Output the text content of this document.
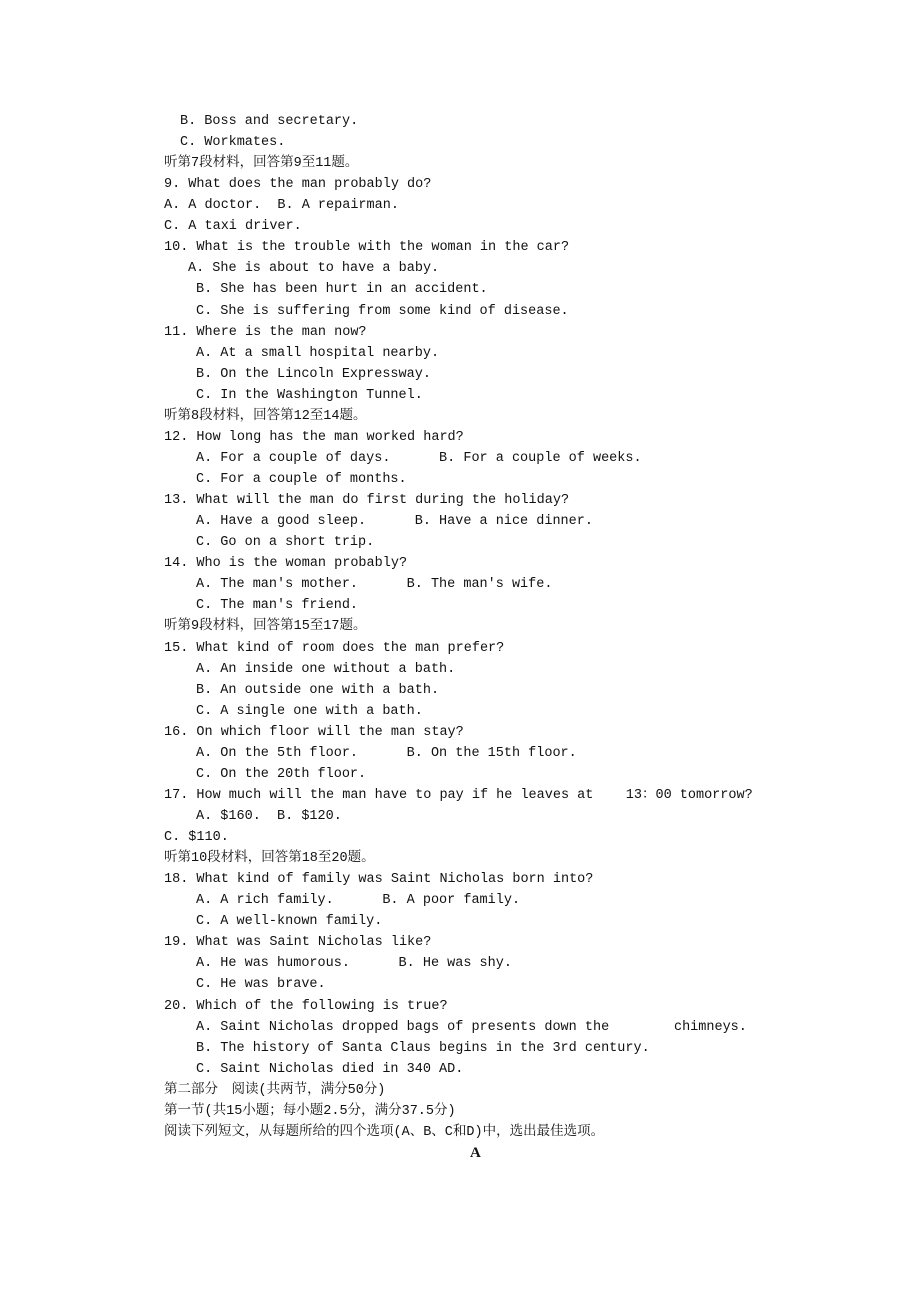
B. Boss and secretary.
C. Workmates.
听第7段材料，回答第9至11题。
9. What does the man probably do?
A. A doctor.  B. A repairman.
C. A taxi driver.
10. What is the trouble with the woman in the car?
A. She is about to have a baby.
B. She has been hurt in an accident.
C. She is suffering from some kind of disease.
11. Where is the man now?
A. At a small hospital nearby.
B. On the Lincoln Expressway.
C. In the Washington Tunnel.
听第8段材料，回答第12至14题。
12. How long has the man worked hard?
A. For a couple of days.      B. For a couple of weeks.
C. For a couple of months.
13. What will the man do first during the holiday?
A. Have a good sleep.      B. Have a nice dinner.
C. Go on a short trip.
14. Who is the woman probably?
A. The man's mother.      B. The man's wife.
C. The man's friend.
听第9段材料，回答第15至17题。
15. What kind of room does the man prefer?
A. An inside one without a bath.
B. An outside one with a bath.
C. A single one with a bath.
16. On which floor will the man stay?
A. On the 5th floor.      B. On the 15th floor.
C. On the 20th floor.
17. How much will the man have to pay if he leaves at    13：00 tomorrow?
A. $160.  B. $120.
C. $110.
听第10段材料，回答第18至20题。
18. What kind of family was Saint Nicholas born into?
A. A rich family.      B. A poor family.
C. A well-known family.
19. What was Saint Nicholas like?
A. He was humorous.      B. He was shy.
C. He was brave.
20. Which of the following is true?
A. Saint Nicholas dropped bags of presents down the        chimneys.
B. The history of Santa Claus begins in the 3rd century.
C. Saint Nicholas died in 340 AD.
第二部分　阅读(共两节，满分50分)
第一节(共15小题；每小题2.5分，满分37.5分)
阅读下列短文，从每题所给的四个选项(A、B、C和D)中，选出最佳选项。
A
